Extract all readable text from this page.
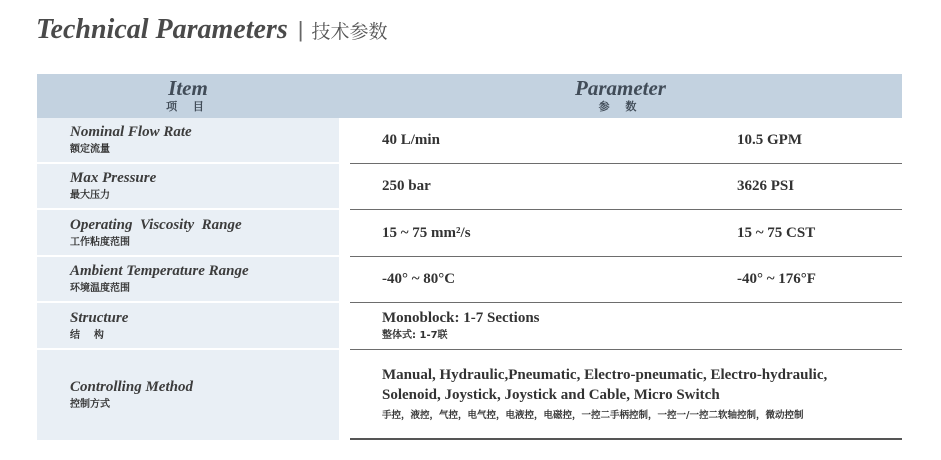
Technical Parameters | 技术参数
Item
项 目
Parameter
参 数
Nominal Flow Rate
额定流量
40 L/min	10.5 GPM
Max Pressure
最大压力
250 bar	3626 PSI
Operating  Viscosity  Range
工作粘度范围
15 ~ 75 mm²/s	15 ~ 75 CST
Ambient Temperature Range
环境温度范围
-40° ~ 80°C	-40° ~ 176°F
Structure
结    构
Monoblock: 1-7 Sections
整体式: 1-7联
Controlling Method
控制方式
Manual, Hydraulic,Pneumatic, Electro-pneumatic, Electro-hydraulic,
Solenoid, Joystick, Joystick and Cable, Micro Switch
手控，液控，气控，电气控，电液控，电磁控，一控二手柄控制，一控一/一控二软轴控制，微动控制
